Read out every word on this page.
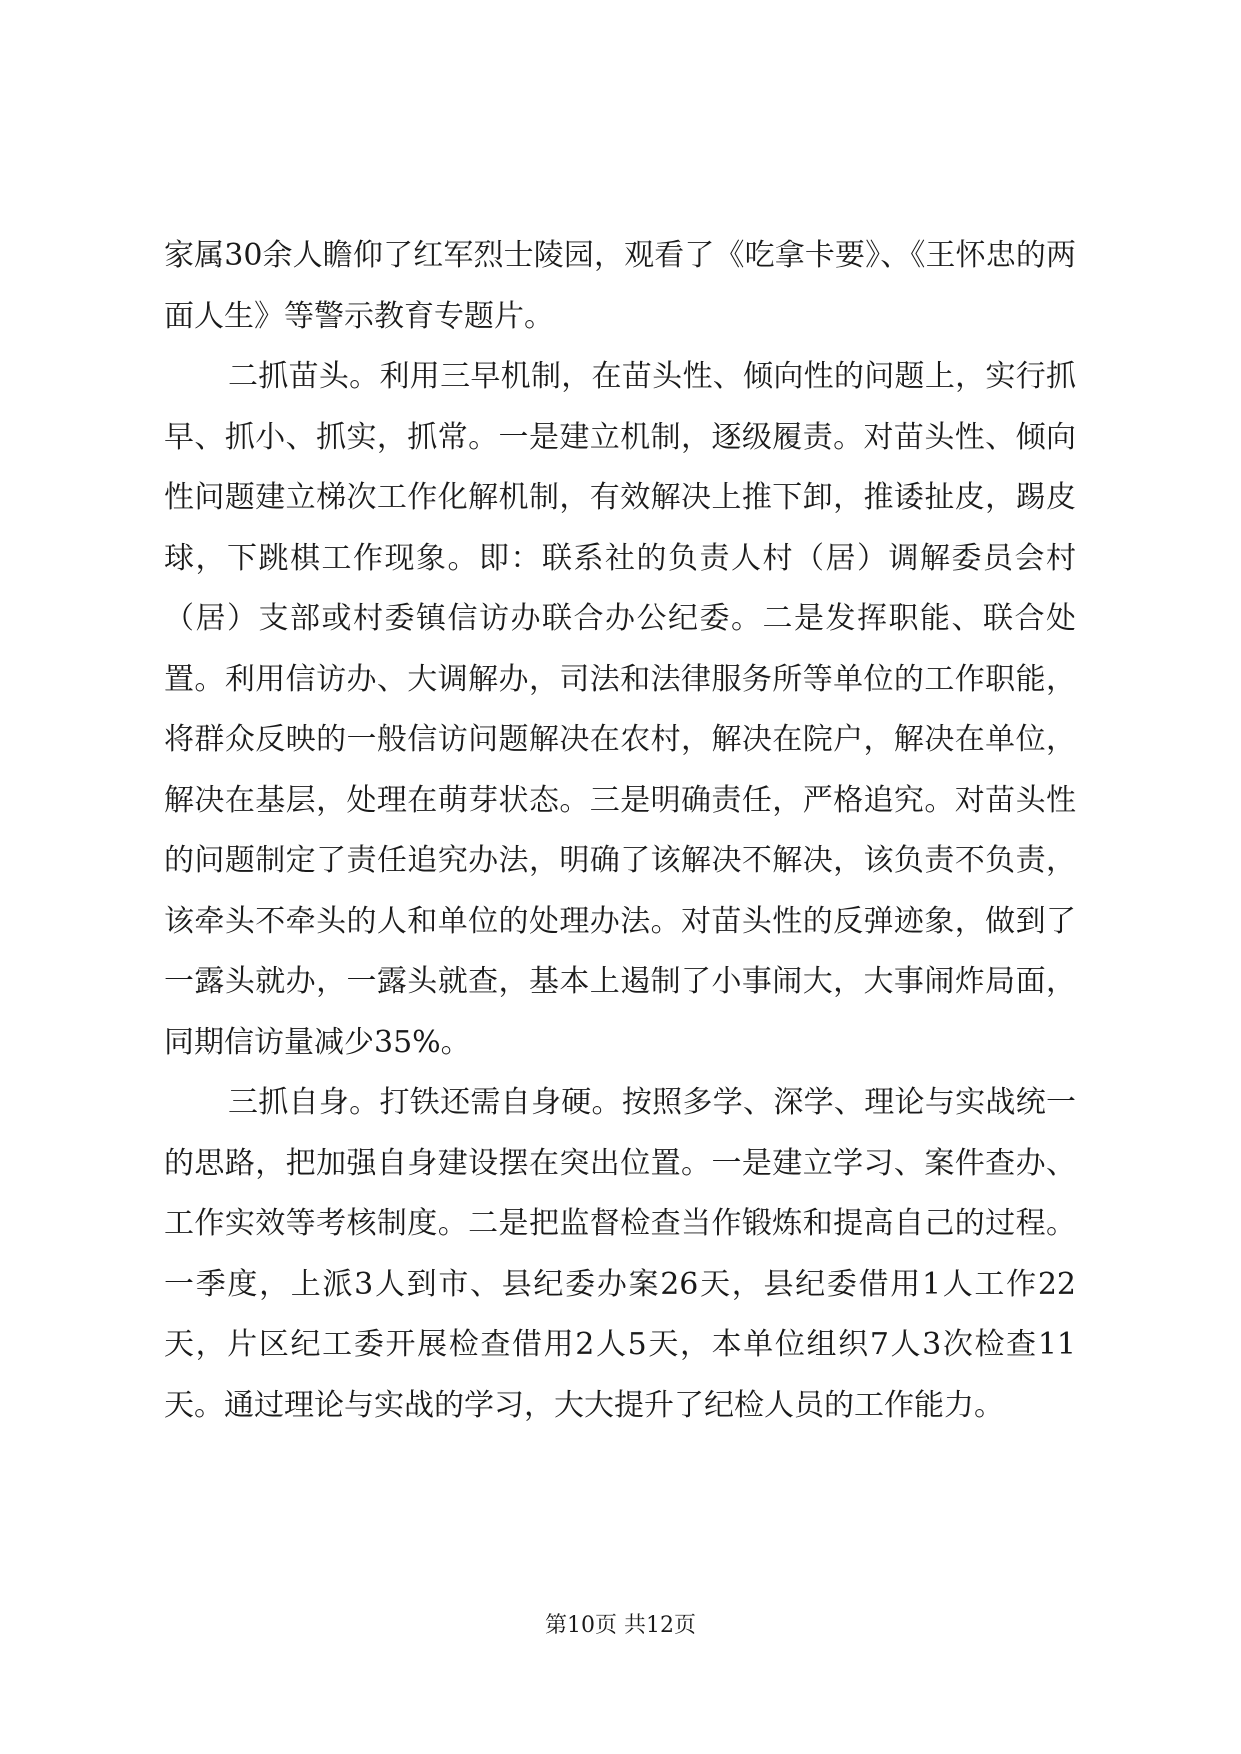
家属30余人瞻仰了红军烈士陵园，观看了《吃拿卡要》、《王怀忠的两面人生》等警示教育专题片。

二抓苗头。利用三早机制，在苗头性、倾向性的问题上，实行抓早、抓小、抓实，抓常。一是建立机制，逐级履责。对苗头性、倾向性问题建立梯次工作化解机制，有效解决上推下卸，推诿扯皮，踢皮球，下跳棋工作现象。即：联系社的负责人村（居）调解委员会村（居）支部或村委镇信访办联合办公纪委。二是发挥职能、联合处置。利用信访办、大调解办，司法和法律服务所等单位的工作职能，将群众反映的一般信访问题解决在农村，解决在院户，解决在单位，解决在基层，处理在萌芽状态。三是明确责任，严格追究。对苗头性的问题制定了责任追究办法，明确了该解决不解决，该负责不负责，该牵头不牵头的人和单位的处理办法。对苗头性的反弹迹象，做到了一露头就办，一露头就查，基本上遏制了小事闹大，大事闹炸局面，同期信访量减少35%。

三抓自身。打铁还需自身硬。按照多学、深学、理论与实战统一的思路，把加强自身建设摆在突出位置。一是建立学习、案件查办、工作实效等考核制度。二是把监督检查当作锻炼和提高自己的过程。一季度，上派3人到市、县纪委办案26天，县纪委借用1人工作22天，片区纪工委开展检查借用2人5天，本单位组织7人3次检查11天。通过理论与实战的学习，大大提升了纪检人员的工作能力。

第10页 共12页
